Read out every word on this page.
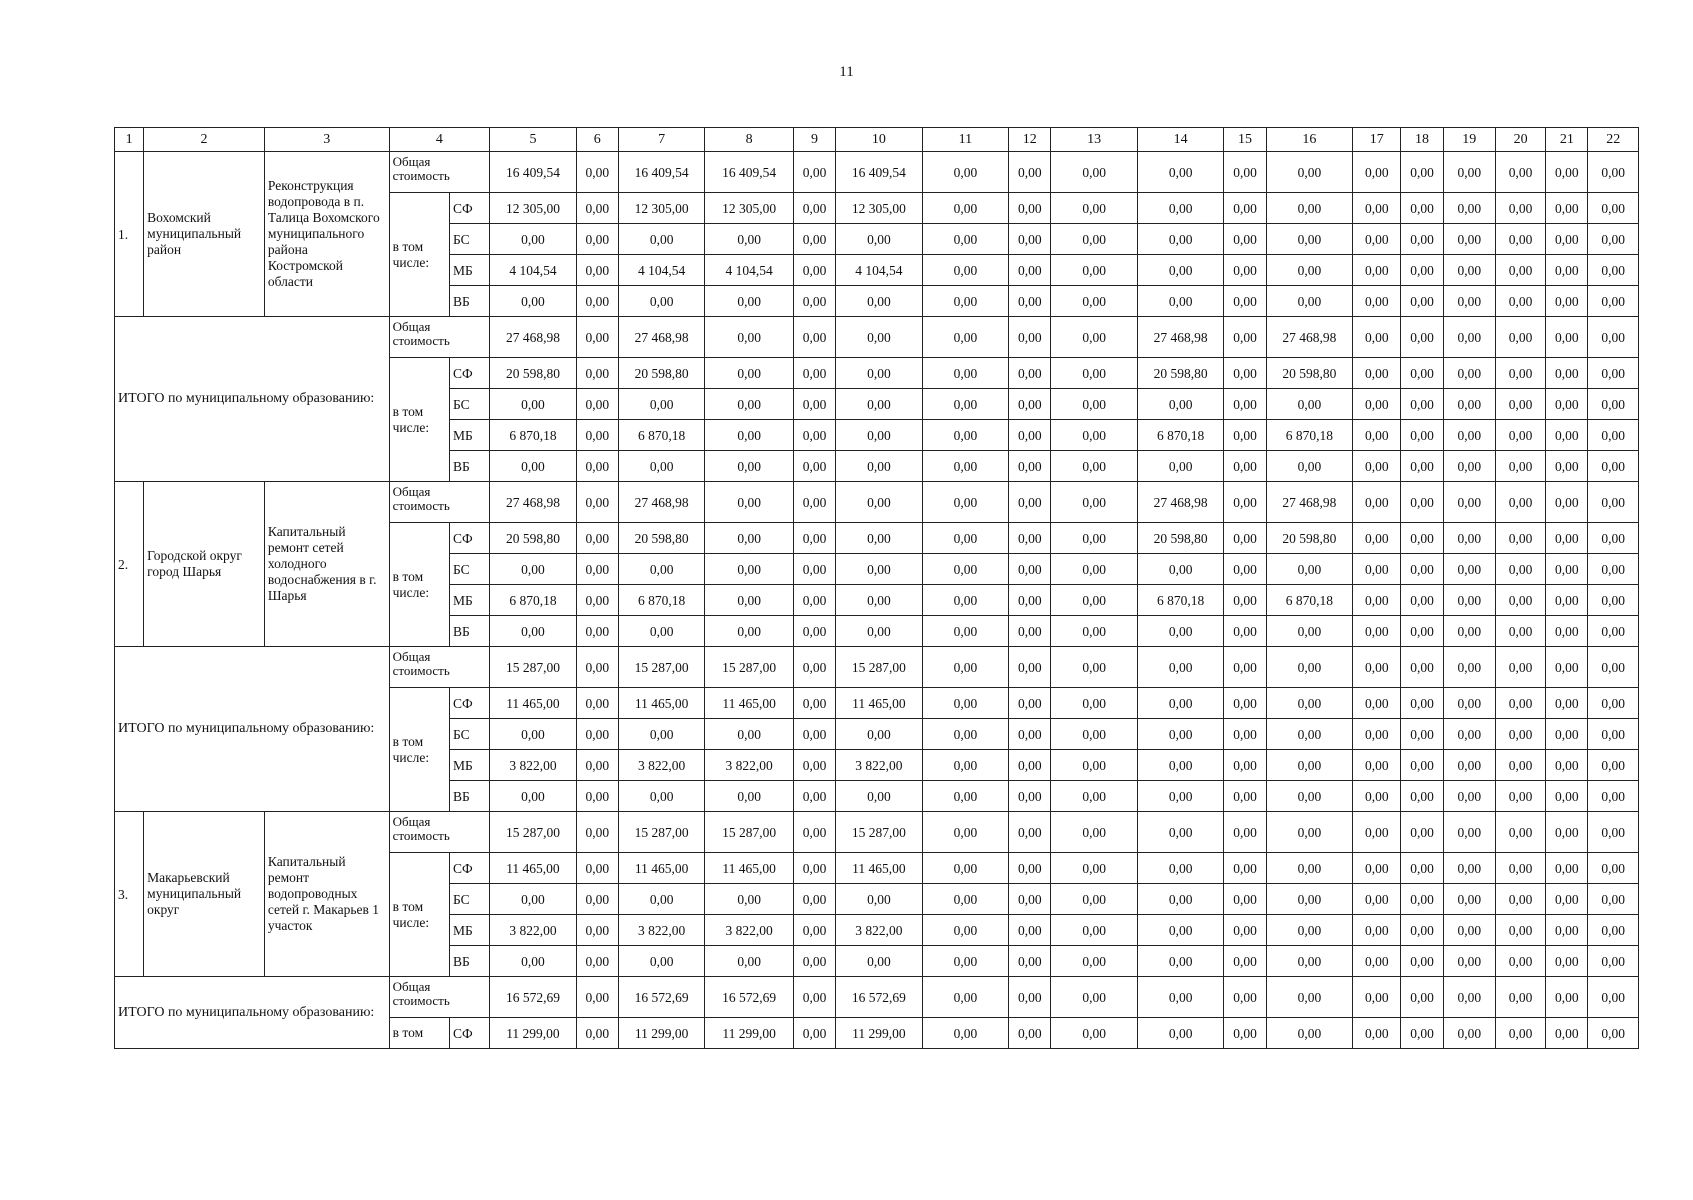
11
1	2	3	4		5	6	7	8	9	10	11	12	13	14	15	16	17	18	19	20	21	22
1.	Вохомский муниципальный район	Реконструкция водопровода в п. Талица Вохомского муниципального района Костромской области	Общая стоимость		16 409,54	0,00	16 409,54	16 409,54	0,00	16 409,54	0,00	0,00	0,00	0,00	0,00	0,00	0,00	0,00	0,00	0,00	0,00	0,00
			в том числе:	СФ	12 305,00	0,00	12 305,00	12 305,00	0,00	12 305,00	0,00	0,00	0,00	0,00	0,00	0,00	0,00	0,00	0,00	0,00	0,00	0,00
				БС	0,00	0,00	0,00	0,00	0,00	0,00	0,00	0,00	0,00	0,00	0,00	0,00	0,00	0,00	0,00	0,00	0,00	0,00
				МБ	4 104,54	0,00	4 104,54	4 104,54	0,00	4 104,54	0,00	0,00	0,00	0,00	0,00	0,00	0,00	0,00	0,00	0,00	0,00	0,00
				ВБ	0,00	0,00	0,00	0,00	0,00	0,00	0,00	0,00	0,00	0,00	0,00	0,00	0,00	0,00	0,00	0,00	0,00	0,00
ИТОГО по муниципальному образованию:			Общая стоимость		27 468,98	0,00	27 468,98	0,00	0,00	0,00	0,00	0,00	0,00	27 468,98	0,00	27 468,98	0,00	0,00	0,00	0,00	0,00	0,00
			в том числе:	СФ	20 598,80	0,00	20 598,80	0,00	0,00	0,00	0,00	0,00	0,00	20 598,80	0,00	20 598,80	0,00	0,00	0,00	0,00	0,00	0,00
				БС	0,00	0,00	0,00	0,00	0,00	0,00	0,00	0,00	0,00	0,00	0,00	0,00	0,00	0,00	0,00	0,00	0,00	0,00
				МБ	6 870,18	0,00	6 870,18	0,00	0,00	0,00	0,00	0,00	0,00	6 870,18	0,00	6 870,18	0,00	0,00	0,00	0,00	0,00	0,00
				ВБ	0,00	0,00	0,00	0,00	0,00	0,00	0,00	0,00	0,00	0,00	0,00	0,00	0,00	0,00	0,00	0,00	0,00	0,00
2.	Городской округ город Шарья	Капитальный ремонт сетей холодного водоснабжения в г. Шарья	Общая стоимость		27 468,98	0,00	27 468,98	0,00	0,00	0,00	0,00	0,00	0,00	27 468,98	0,00	27 468,98	0,00	0,00	0,00	0,00	0,00	0,00
			в том числе:	СФ	20 598,80	0,00	20 598,80	0,00	0,00	0,00	0,00	0,00	0,00	20 598,80	0,00	20 598,80	0,00	0,00	0,00	0,00	0,00	0,00
				БС	0,00	0,00	0,00	0,00	0,00	0,00	0,00	0,00	0,00	0,00	0,00	0,00	0,00	0,00	0,00	0,00	0,00	0,00
				МБ	6 870,18	0,00	6 870,18	0,00	0,00	0,00	0,00	0,00	0,00	6 870,18	0,00	6 870,18	0,00	0,00	0,00	0,00	0,00	0,00
				ВБ	0,00	0,00	0,00	0,00	0,00	0,00	0,00	0,00	0,00	0,00	0,00	0,00	0,00	0,00	0,00	0,00	0,00	0,00
ИТОГО по муниципальному образованию:			Общая стоимость		15 287,00	0,00	15 287,00	15 287,00	0,00	15 287,00	0,00	0,00	0,00	0,00	0,00	0,00	0,00	0,00	0,00	0,00	0,00	0,00
			в том числе:	СФ	11 465,00	0,00	11 465,00	11 465,00	0,00	11 465,00	0,00	0,00	0,00	0,00	0,00	0,00	0,00	0,00	0,00	0,00	0,00	0,00
				БС	0,00	0,00	0,00	0,00	0,00	0,00	0,00	0,00	0,00	0,00	0,00	0,00	0,00	0,00	0,00	0,00	0,00	0,00
				МБ	3 822,00	0,00	3 822,00	3 822,00	0,00	3 822,00	0,00	0,00	0,00	0,00	0,00	0,00	0,00	0,00	0,00	0,00	0,00	0,00
				ВБ	0,00	0,00	0,00	0,00	0,00	0,00	0,00	0,00	0,00	0,00	0,00	0,00	0,00	0,00	0,00	0,00	0,00	0,00
3.	Макарьевский муниципальный округ	Капитальный ремонт водопроводных сетей г. Макарьев 1 участок	Общая стоимость		15 287,00	0,00	15 287,00	15 287,00	0,00	15 287,00	0,00	0,00	0,00	0,00	0,00	0,00	0,00	0,00	0,00	0,00	0,00	0,00
			в том числе:	СФ	11 465,00	0,00	11 465,00	11 465,00	0,00	11 465,00	0,00	0,00	0,00	0,00	0,00	0,00	0,00	0,00	0,00	0,00	0,00	0,00
				БС	0,00	0,00	0,00	0,00	0,00	0,00	0,00	0,00	0,00	0,00	0,00	0,00	0,00	0,00	0,00	0,00	0,00	0,00
				МБ	3 822,00	0,00	3 822,00	3 822,00	0,00	3 822,00	0,00	0,00	0,00	0,00	0,00	0,00	0,00	0,00	0,00	0,00	0,00	0,00
				ВБ	0,00	0,00	0,00	0,00	0,00	0,00	0,00	0,00	0,00	0,00	0,00	0,00	0,00	0,00	0,00	0,00	0,00	0,00
ИТОГО по муниципальному образованию:			Общая стоимость		16 572,69	0,00	16 572,69	16 572,69	0,00	16 572,69	0,00	0,00	0,00	0,00	0,00	0,00	0,00	0,00	0,00	0,00	0,00	0,00
			в том	СФ	11 299,00	0,00	11 299,00	11 299,00	0,00	11 299,00	0,00	0,00	0,00	0,00	0,00	0,00	0,00	0,00	0,00	0,00	0,00	0,00
